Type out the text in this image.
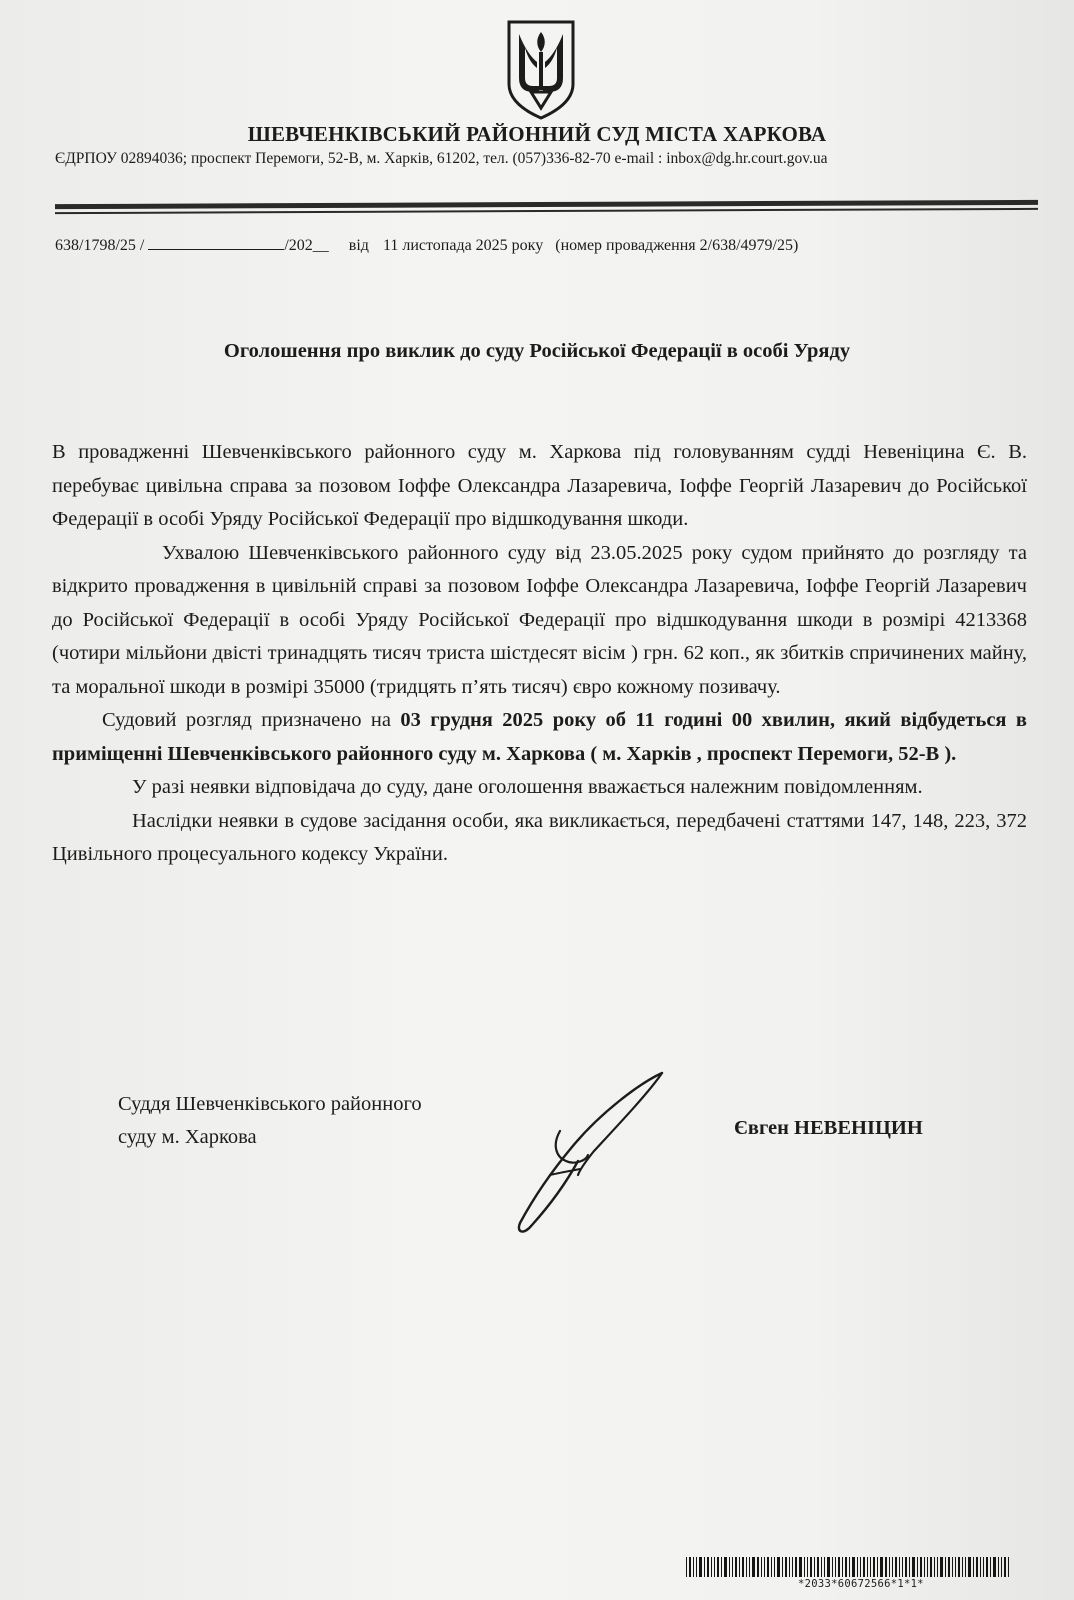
ШЕВЧЕНКІВСЬКИЙ РАЙОННИЙ СУД МІСТА ХАРКОВА
ЄДРПОУ 02894036; проспект Перемоги, 52-В, м. Харків, 61202, тел. (057)336-82-70 e-mail : inbox@dg.hr.court.gov.ua
638/1798/25 /	/202__ від 11 листопада 2025 року (номер провадження 2/638/4979/25)
Оголошення про виклик до суду Російської Федерації в особі Уряду

В провадженні Шевченківського районного суду м. Харкова під головуванням судді Невеніцина Є. В. перебуває цивільна справа за позовом Іоффе Олександра Лазаревича, Іоффе Георгій Лазаревич до Російської Федерації в особі Уряду Російської Федерації про відшкодування шкоди.

Ухвалою Шевченківського районного суду від 23.05.2025 року судом прийнято до розгляду та відкрито провадження в цивільній справі за позовом Іоффе Олександра Лазаревича, Іоффе Георгій Лазаревич до Російської Федерації в особі Уряду Російської Федерації про відшкодування шкоди в розмірі 4213368 (чотири мільйони двісті тринадцять тисяч триста шістдесят вісім ) грн. 62 коп., як збитків спричинених майну, та моральної шкоди в розмірі 35000 (тридцять п’ять тисяч) євро кожному позивачу.

Судовий розгляд призначено на 03 грудня 2025 року об 11 годині 00 хвилин, який відбудеться в приміщенні Шевченківського районного суду м. Харкова ( м. Харків , проспект Перемоги, 52-В ).

У разі неявки відповідача до суду, дане оголошення вважається належним повідомленням.

Наслідки неявки в судове засідання особи, яка викликається, передбачені статтями 147, 148, 223, 372 Цивільного процесуального кодексу України.

Суддя Шевченківського районного
суду м. Харкова	Євген НЕВЕНІЦИН
*2033*60672566*1*1*
